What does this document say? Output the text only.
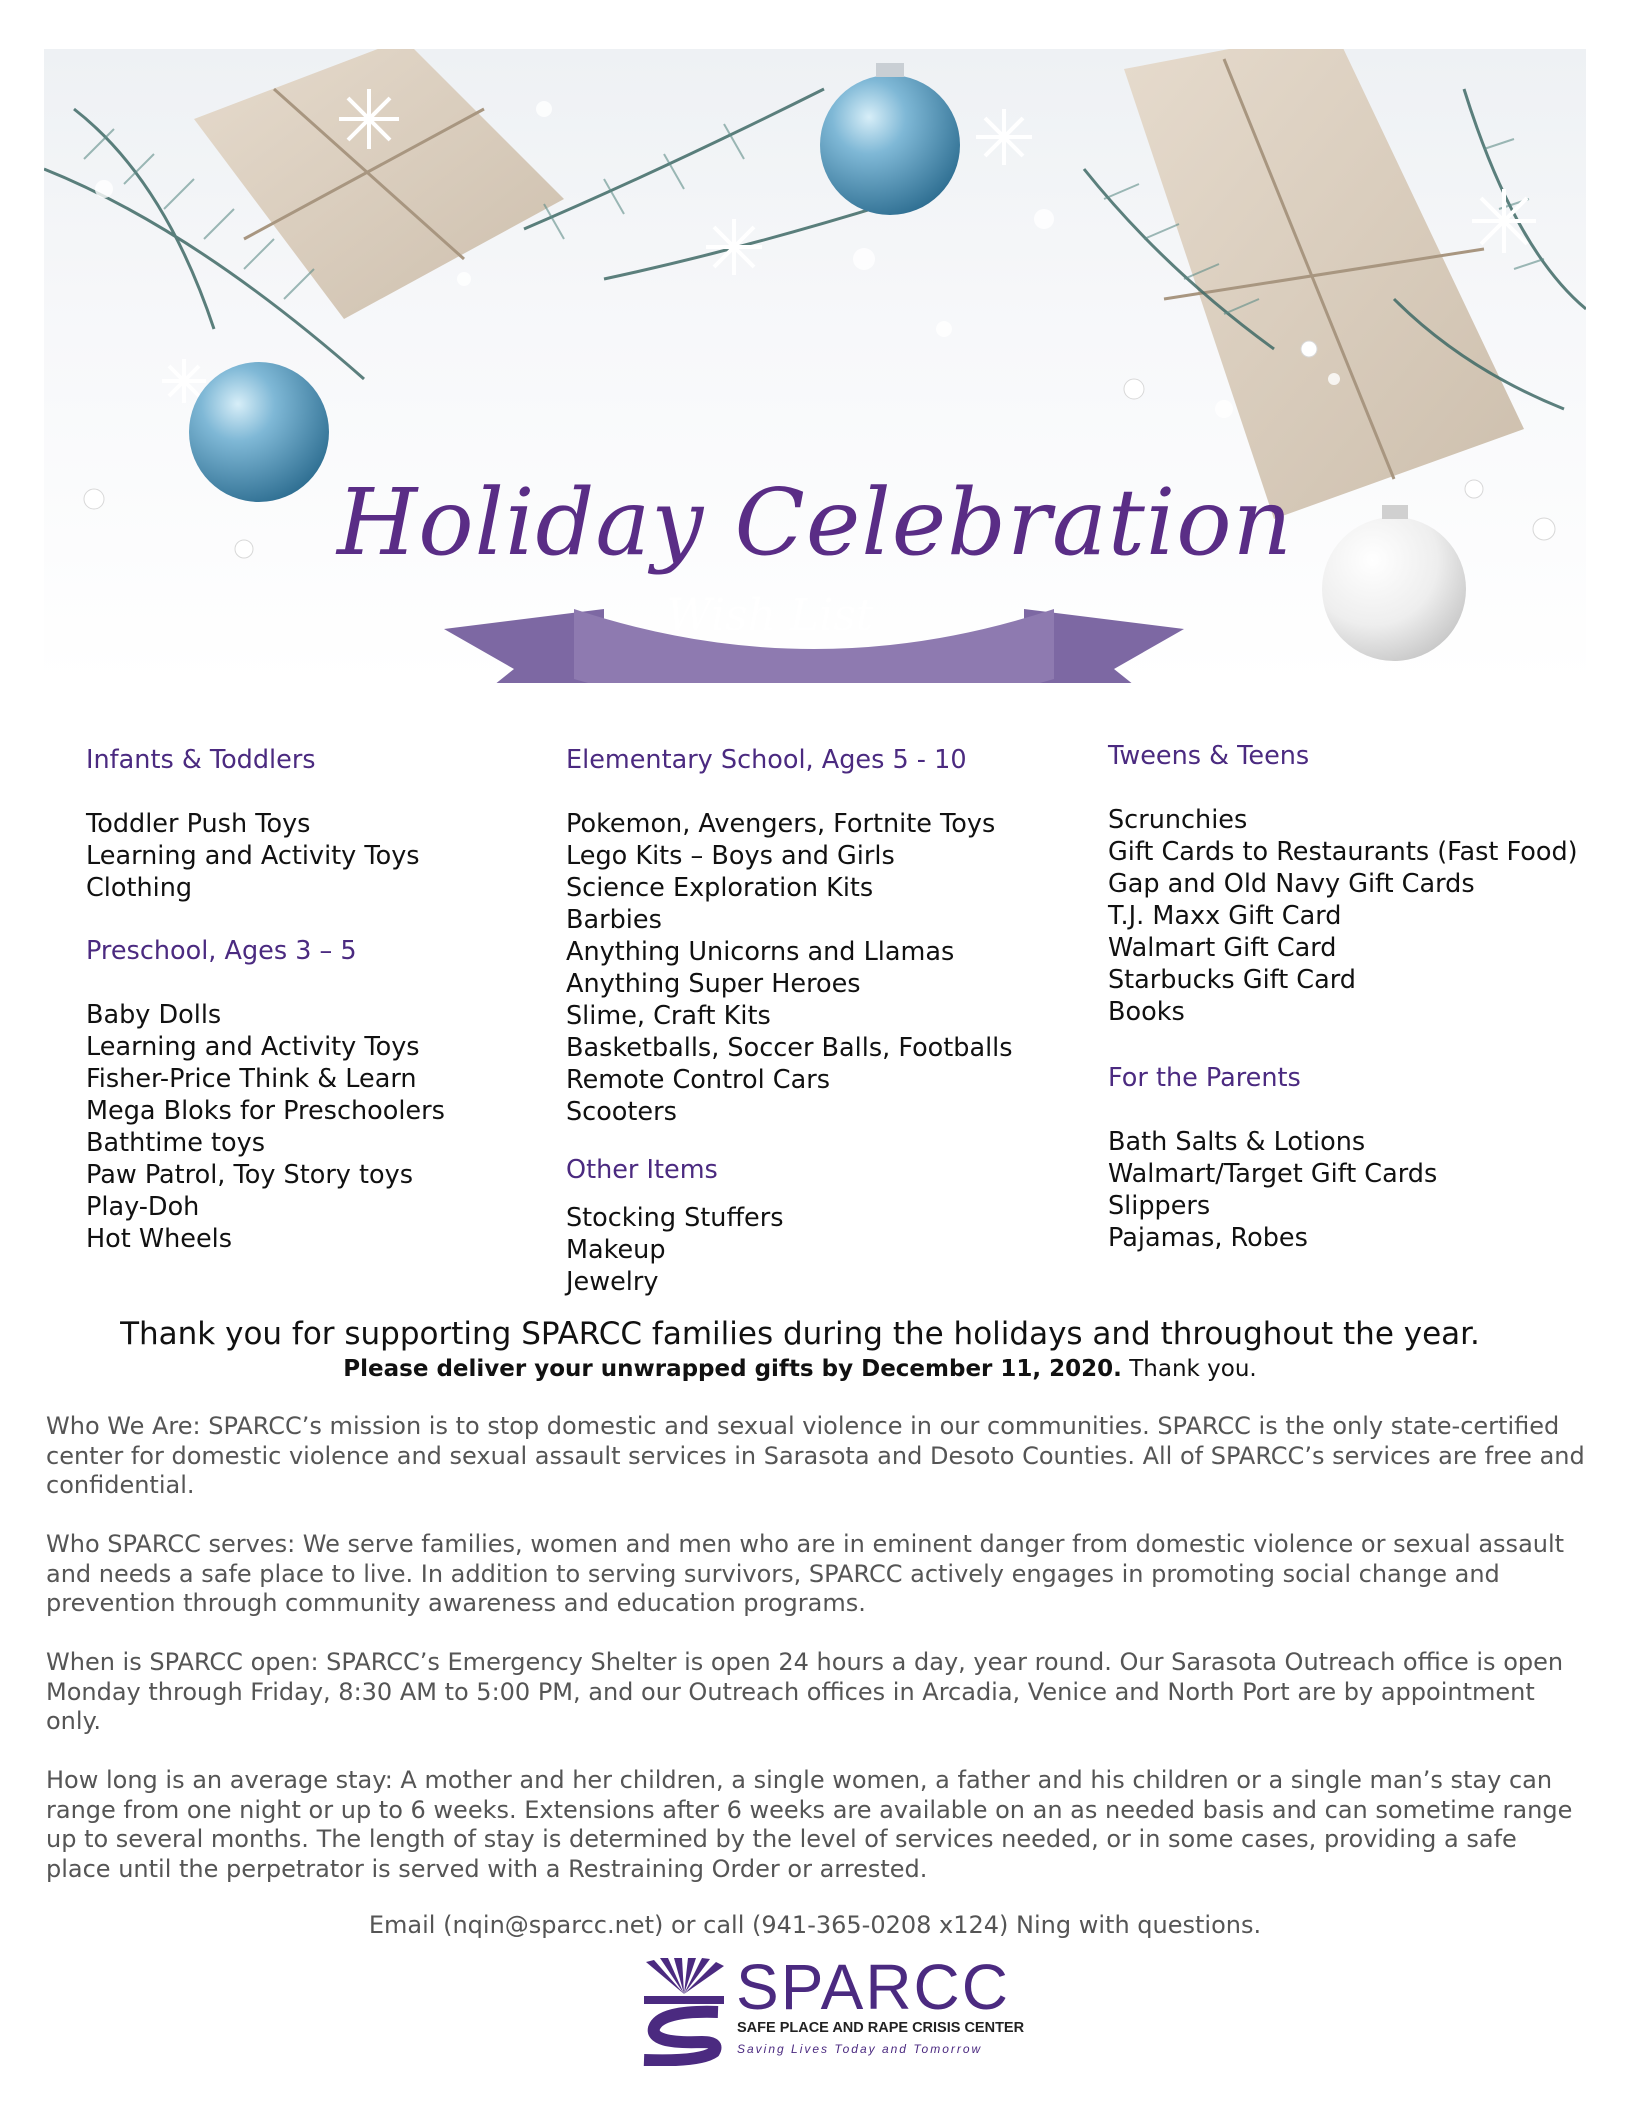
Holiday Celebration
Wish List
Infants & Toddlers
Toddler Push Toys
Learning and Activity Toys
Clothing
Preschool, Ages 3 – 5
Baby Dolls
Learning and Activity Toys
Fisher-Price Think & Learn
Mega Bloks for Preschoolers
Bathtime toys
Paw Patrol, Toy Story toys
Play-Doh
Hot Wheels
Elementary School, Ages 5 - 10
Pokemon, Avengers, Fortnite Toys
Lego Kits – Boys and Girls
Science Exploration Kits
Barbies
Anything Unicorns and Llamas
Anything Super Heroes
Slime, Craft Kits
Basketballs, Soccer Balls, Footballs
Remote Control Cars
Scooters
Other Items
Stocking Stuffers
Makeup
Jewelry
Tweens & Teens
Scrunchies
Gift Cards to Restaurants (Fast Food)
Gap and Old Navy Gift Cards
T.J. Maxx Gift Card
Walmart Gift Card
Starbucks Gift Card
Books
For the Parents
Bath Salts & Lotions
Walmart/Target Gift Cards
Slippers
Pajamas, Robes
Thank you for supporting SPARCC families during the holidays and throughout the year.
Please deliver your unwrapped gifts by December 11, 2020. Thank you.
Who We Are: SPARCC’s mission is to stop domestic and sexual violence in our communities. SPARCC is the only state-certified center for domestic violence and sexual assault services in Sarasota and Desoto Counties. All of SPARCC’s services are free and confidential.
Who SPARCC serves: We serve families, women and men who are in eminent danger from domestic violence or sexual assault and needs a safe place to live. In addition to serving survivors, SPARCC actively engages in promoting social change and prevention through community awareness and education programs.
When is SPARCC open: SPARCC’s Emergency Shelter is open 24 hours a day, year round. Our Sarasota Outreach office is open Monday through Friday, 8:30 AM to 5:00 PM, and our Outreach offices in Arcadia, Venice and North Port are by appointment only.
How long is an average stay: A mother and her children, a single women, a father and his children or a single man’s stay can range from one night or up to 6 weeks. Extensions after 6 weeks are available on an as needed basis and can sometime range up to several months. The length of stay is determined by the level of services needed, or in some cases, providing a safe place until the perpetrator is served with a Restraining Order or arrested.
Email (nqin@sparcc.net) or call (941-365-0208 x124) Ning with questions.
SPARCC
SAFE PLACE AND RAPE CRISIS CENTER
Saving Lives Today and Tomorrow
